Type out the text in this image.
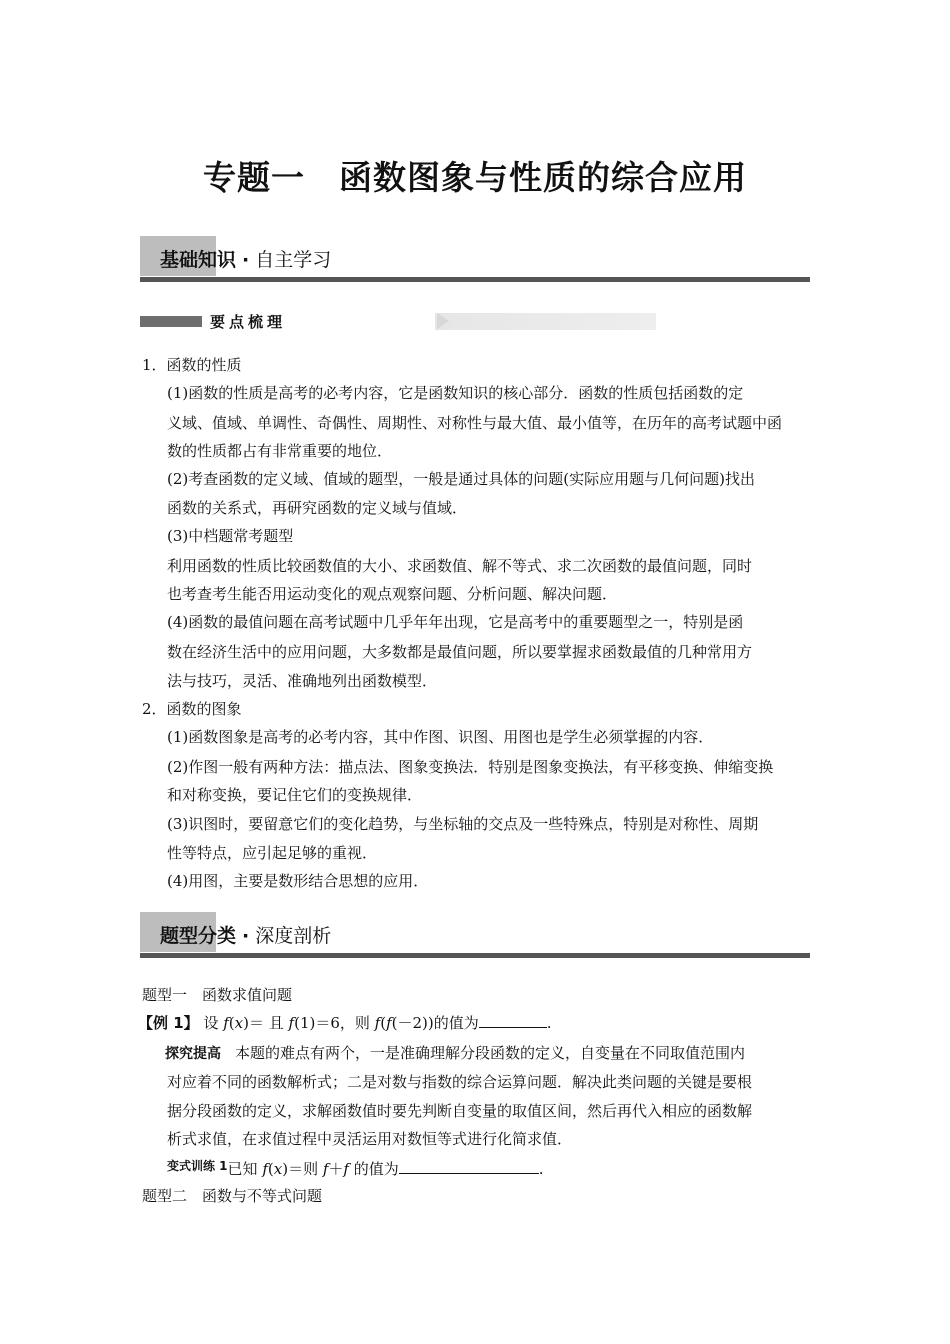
专题一　函数图象与性质的综合应用
基础知识 · 自主学习
要点梳理
1．函数的性质
(1)函数的性质是高考的必考内容，它是函数知识的核心部分．函数的性质包括函数的定
义域、值域、单调性、奇偶性、周期性、对称性与最大值、最小值等，在历年的高考试题中函
数的性质都占有非常重要的地位．
(2)考查函数的定义域、值域的题型，一般是通过具体的问题(实际应用题与几何问题)找出
函数的关系式，再研究函数的定义域与值域．
(3)中档题常考题型
利用函数的性质比较函数值的大小、求函数值、解不等式、求二次函数的最值问题，同时
也考查考生能否用运动变化的观点观察问题、分析问题、解决问题．
(4)函数的最值问题在高考试题中几乎年年出现，它是高考中的重要题型之一，特别是函
数在经济生活中的应用问题，大多数都是最值问题，所以要掌握求函数最值的几种常用方
法与技巧，灵活、准确地列出函数模型．
2．函数的图象
(1)函数图象是高考的必考内容，其中作图、识图、用图也是学生必须掌握的内容．
(2)作图一般有两种方法：描点法、图象变换法．特别是图象变换法，有平移变换、伸缩变换
和对称变换，要记住它们的变换规律．
(3)识图时，要留意它们的变化趋势，与坐标轴的交点及一些特殊点，特别是对称性、周期
性等特点，应引起足够的重视．
(4)用图，主要是数形结合思想的应用．
题型分类 · 深度剖析
题型一　函数求值问题
【例 1】 设 f(x)＝ 且 f(1)＝6，则 f(f(－2))的值为	.
探究提高 本题的难点有两个，一是准确理解分段函数的定义，自变量在不同取值范围内
对应着不同的函数解析式；二是对数与指数的综合运算问题．解决此类问题的关键是要根
据分段函数的定义，求解函数值时要先判断自变量的取值区间，然后再代入相应的函数解
析式求值，在求值过程中灵活运用对数恒等式进行化简求值．
$^{变式训练 1}$已知 f(x)＝则 f＋f 的值为	.
题型二　函数与不等式问题
